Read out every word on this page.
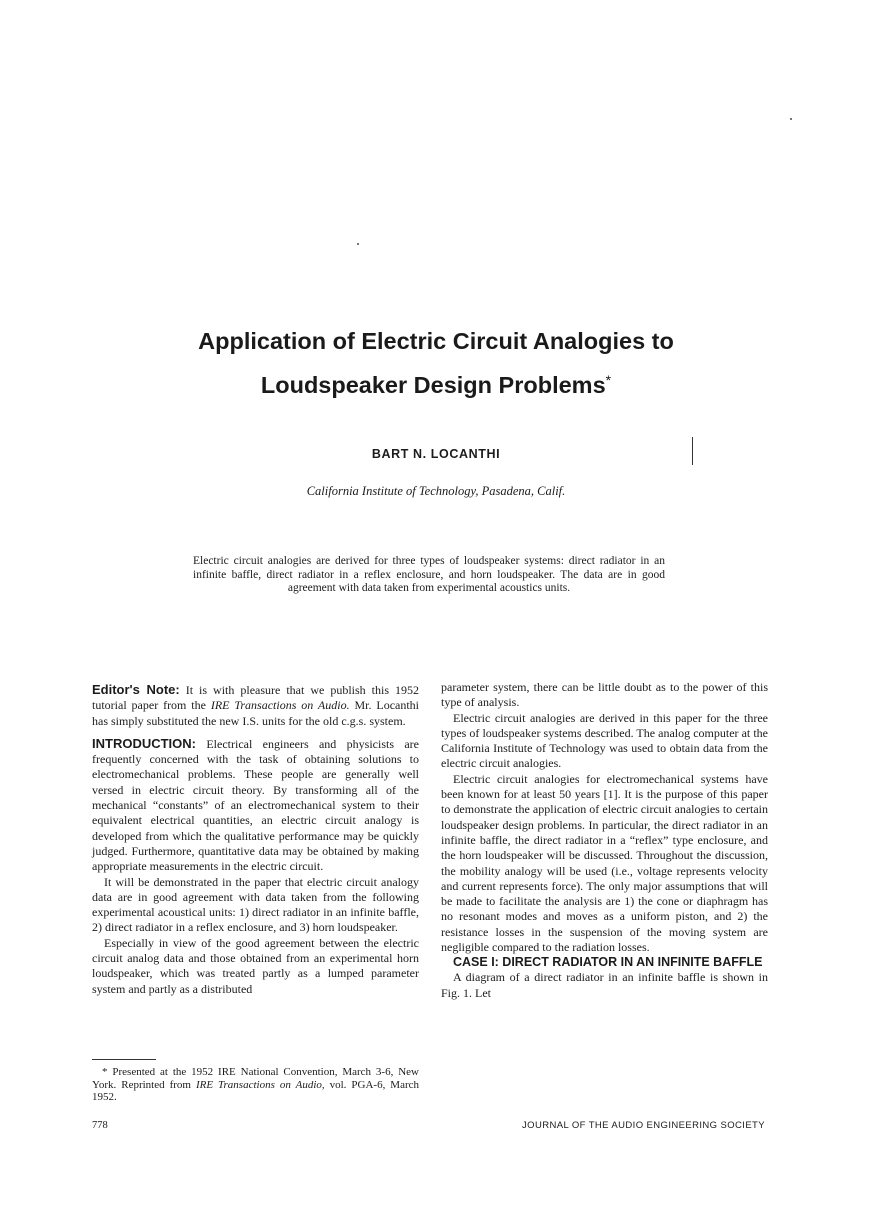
Application of Electric Circuit Analogies to
Loudspeaker Design Problems*
BART N. LOCANTHI
California Institute of Technology, Pasadena, Calif.
Electric circuit analogies are derived for three types of loudspeaker systems: direct radiator in an infinite baffle, direct radiator in a reflex enclosure, and horn loudspeaker. The data are in good agreement with data taken from experimental acoustics units.

Editor's Note: It is with pleasure that we publish this 1952 tutorial paper from the IRE Transactions on Audio. Mr. Locanthi has simply substituted the new I.S. units for the old c.g.s. system.

INTRODUCTION: Electrical engineers and physicists are frequently concerned with the task of obtaining solutions to electromechanical problems. These people are generally well versed in electric circuit theory. By transforming all of the mechanical “constants” of an electromechanical system to their equivalent electrical quantities, an electric circuit analogy is developed from which the qualitative performance may be quickly judged. Furthermore, quantitative data may be obtained by making appropriate measurements in the electric circuit.

It will be demonstrated in the paper that electric circuit analogy data are in good agreement with data taken from the following experimental acoustical units: 1) direct radiator in an infinite baffle, 2) direct radiator in a reflex enclosure, and 3) horn loudspeaker.

Especially in view of the good agreement between the electric circuit analog data and those obtained from an experimental horn loudspeaker, which was treated partly as a lumped parameter system and partly as a distributed

* Presented at the 1952 IRE National Convention, March 3-6, New York. Reprinted from IRE Transactions on Audio, vol. PGA-6, March 1952.

parameter system, there can be little doubt as to the power of this type of analysis.

Electric circuit analogies are derived in this paper for the three types of loudspeaker systems described. The analog computer at the California Institute of Technology was used to obtain data from the electric circuit analogies.

Electric circuit analogies for electromechanical systems have been known for at least 50 years [1]. It is the purpose of this paper to demonstrate the application of electric circuit analogies to certain loudspeaker design problems. In particular, the direct radiator in an infinite baffle, the direct radiator in a “reflex” type enclosure, and the horn loudspeaker will be discussed. Throughout the discussion, the mobility analogy will be used (i.e., voltage represents velocity and current represents force). The only major assumptions that will be made to facilitate the analysis are 1) the cone or diaphragm has no resonant modes and moves as a uniform piston, and 2) the resistance losses in the suspension of the moving system are negligible compared to the radiation losses.

CASE I: DIRECT RADIATOR IN AN INFINITE BAFFLE

A diagram of a direct radiator in an infinite baffle is shown in Fig. 1. Let

778	JOURNAL OF THE AUDIO ENGINEERING SOCIETY
